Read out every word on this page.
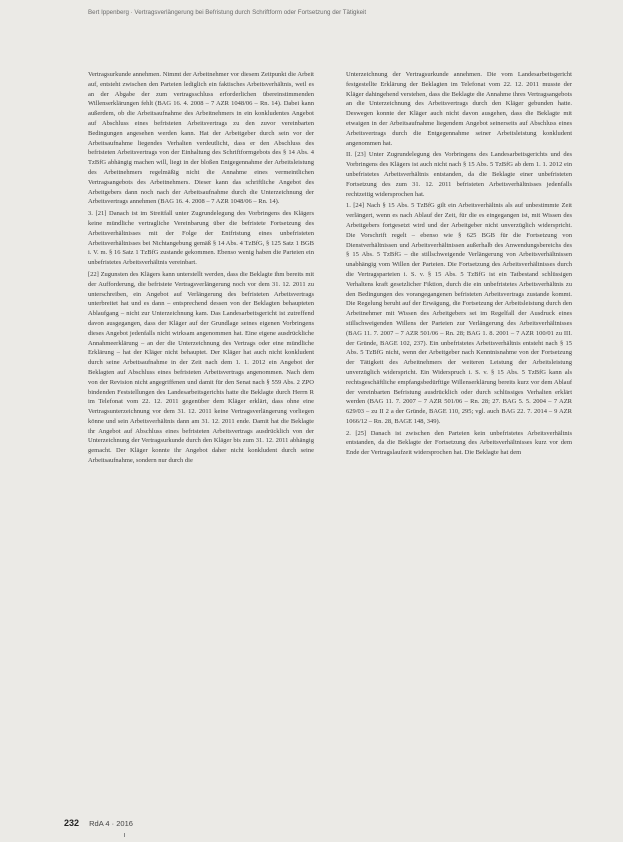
Bert Ippenberg · Vertragsverlängerung bei Befristung durch Schriftform oder Fortsetzung der Tätigkeit

Vertragsurkunde annehmen. Nimmt der Arbeitnehmer vor diesem Zeitpunkt die Arbeit auf, entsteht zwischen den Parteien lediglich ein faktisches Arbeitsverhältnis, weil es an der Abgabe der zum vertragsschluss erforderlichen übereinstimmenden Willenserklärungen fehlt (BAG 16. 4. 2008 – 7 AZR 1048/06 – Rn. 14). Dabei kann außerdem, ob die Arbeitsaufnahme des Arbeitnehmers in ein konkludentes Angebot auf Abschluss eines befristeten Arbeitsvertrags zu den zuvor vereinbarten Bedingungen angesehen werden kann. Hat der Arbeitgeber durch sein vor der Arbeitsaufnahme liegendes Verhalten verdeutlicht, dass er den Abschluss des befristeten Arbeitsvertrags von der Einhaltung des Schriftformgebots des § 14 Abs. 4 TzBfG abhängig machen will, liegt in der bloßen Entgegennahme der Arbeitsleistung des Arbeitnehmers regelmäßig nicht die Annahme eines vermeintlichen Vertragsangebots des Arbeitnehmers. Dieser kann das schriftliche Angebot des Arbeitgebers dann noch nach der Arbeitsaufnahme durch die Unterzeichnung der Arbeitsvertrags annehmen (BAG 16. 4. 2008 – 7 AZR 1048/06 – Rn. 14).

3. [21] Danach ist im Streitfall unter Zugrundelegung des Vorbringens des Klägers keine mündliche vertragliche Vereinbarung über die befristete Fortsetzung des Arbeitsverhältnisses mit der Folge der Entfristung eines unbefristeten Arbeitsverhältnisses bei Nichtangebung gemäß § 14 Abs. 4 TzBfG, § 125 Satz 1 BGB i. V. m. § 16 Satz 1 TzBfG zustande gekommen. Ebenso wenig haben die Parteien ein unbefristetes Arbeitsverhältnis vereinbart.

[22] Zugunsten des Klägers kann unterstellt werden, dass die Beklagte ihm bereits mit der Aufforderung, die befristete Vertragsverlängerung noch vor dem 31. 12. 2011 zu unterschreiben, ein Angebot auf Verlängerung des befristeten Arbeitsvertrags unterbreitet hat und es dann – entsprechend dessen von der Beklagten behaupteten Ablaufgang – nicht zur Unterzeichnung kam. Das Landesarbeitsgericht ist zutreffend davon ausgegangen, dass der Kläger auf der Grundlage seines eigenen Vorbringens dieses Angebot jedenfalls nicht wirksam angenommen hat. Eine eigene ausdrückliche Annahmeerklärung – an der die Unterzeichnung des Vertrags oder eine mündliche Erklärung – hat der Kläger nicht behauptet. Der Kläger hat auch nicht konkludent durch seine Arbeitsaufnahme in der Zeit nach dem 1. 1. 2012 ein Angebot der Beklagten auf Abschluss eines befristeten Arbeitsvertrags angenommen. Nach dem von der Revision nicht angegriffenen und damit für den Senat nach § 559 Abs. 2 ZPO bindenden Feststellungen des Landesarbeitsgerichts hatte die Beklagte durch Herrn R im Telefonat vom 22. 12. 2011 gegenüber dem Kläger erklärt, dass ohne eine Vertragsunterzeichnung vor dem 31. 12. 2011 keine Vertragsverlängerung vorliegen könne und sein Arbeitsverhältnis dann am 31. 12. 2011 ende. Damit hat die Beklagte ihr Angebot auf Abschluss eines befristeten Arbeitsvertrags ausdrücklich von der Unterzeichnung der Vertragsurkunde durch den Kläger bis zum 31. 12. 2011 abhängig gemacht. Der Kläger konnte ihr Angebot daher nicht konkludent durch seine Arbeitsaufnahme, sondern nur durch die

Unterzeichnung der Vertragsurkunde annehmen. Die vom Landesarbeitsgericht festgestellte Erklärung der Beklagten im Telefonat vom 22. 12. 2011 musste der Kläger dahingehend verstehen, dass die Beklagte die Annahme ihres Vertragsangebots an die Unterzeichnung des Arbeitsvertrags durch den Kläger gebunden hatte. Deswegen konnte der Kläger auch nicht davon ausgehen, dass die Beklagte mit etwaigen in der Arbeitsaufnahme liegendem Angebot seinerseits auf Abschluss eines Arbeitsvertrags durch die Entgegennahme seiner Arbeitsleistung konkludent angenommen hat.

II. [23] Unter Zugrundelegung des Vorbringens des Landesarbeitsgerichts und des Vorbringens des Klägers ist auch nicht nach § 15 Abs. 5 TzBfG ab dem 1. 1. 2012 ein unbefristetes Arbeitsverhältnis entstanden, da die Beklagte einer unbefristeten Fortsetzung des zum 31. 12. 2011 befristeten Arbeitsverhältnisses jedenfalls rechtzeitig widersprochen hat.

1. [24] Nach § 15 Abs. 5 TzBfG gilt ein Arbeitsverhältnis als auf unbestimmte Zeit verlängert, wenn es nach Ablauf der Zeit, für die es eingegangen ist, mit Wissen des Arbeitgebers fortgesetzt wird und der Arbeitgeber nicht unverzüglich widerspricht. Die Vorschrift regelt – ebenso wie § 625 BGB für die Fortsetzung von Dienstverhältnissen und Arbeitsverhältnissen außerhalb des Anwendungsbereichs des § 15 Abs. 5 TzBfG – die stillschweigende Verlängerung von Arbeitsverhältnissen unabhängig vom Willen der Parteien. Die Fortsetzung des Arbeitsverhältnisses durch die Vertragsparteien i. S. v. § 15 Abs. 5 TzBfG ist ein Tatbestand schlüssigen Verhaltens kraft gesetzlicher Fiktion, durch die ein unbefristetes Arbeitsverhältnis zu den Bedingungen des vorangegangenen befristeten Arbeitsvertrags zustande kommt. Die Regelung beruht auf der Erwägung, die Fortsetzung der Arbeitsleistung durch den Arbeitnehmer mit Wissen des Arbeitgebers sei im Regelfall der Ausdruck eines stillschweigenden Willens der Parteien zur Verlängerung des Arbeitsverhältnisses (BAG 11. 7. 2007 – 7 AZR 501/06 – Rn. 28; BAG 1. 8. 2001 – 7 AZR 100/01 zu III. der Gründe, BAGE 102, 237). Ein unbefristetes Arbeitsverhältnis entsteht nach § 15 Abs. 5 TzBfG nicht, wenn der Arbeitgeber nach Kenntnisnahme von der Fortsetzung der Tätigkeit des Arbeitnehmers der weiteren Leistung der Arbeitsleistung unverzüglich widerspricht. Ein Widerspruch i. S. v. § 15 Abs. 5 TzBfG kann als rechtsgeschäftliche empfangsbedürftige Willenserklärung bereits kurz vor dem Ablauf der vereinbarten Befristung ausdrücklich oder durch schlüssiges Verhalten erklärt werden (BAG 11. 7. 2007 – 7 AZR 501/06 – Rn. 28; 27. BAG 5. 5. 2004 – 7 AZR 629/03 – zu II 2 a der Gründe, BAGE 110, 295; vgl. auch BAG 22. 7. 2014 – 9 AZR 1066/12 – Rn. 28, BAGE 148, 349).

2. [25] Danach ist zwischen den Parteien kein unbefristetes Arbeitsverhältnis entstanden, da die Beklagte der Fortsetzung des Arbeitsverhältnisses kurz vor dem Ende der Vertragslaufzeit widersprochen hat. Die Beklagte hat dem

232 RdA 4 · 2016
